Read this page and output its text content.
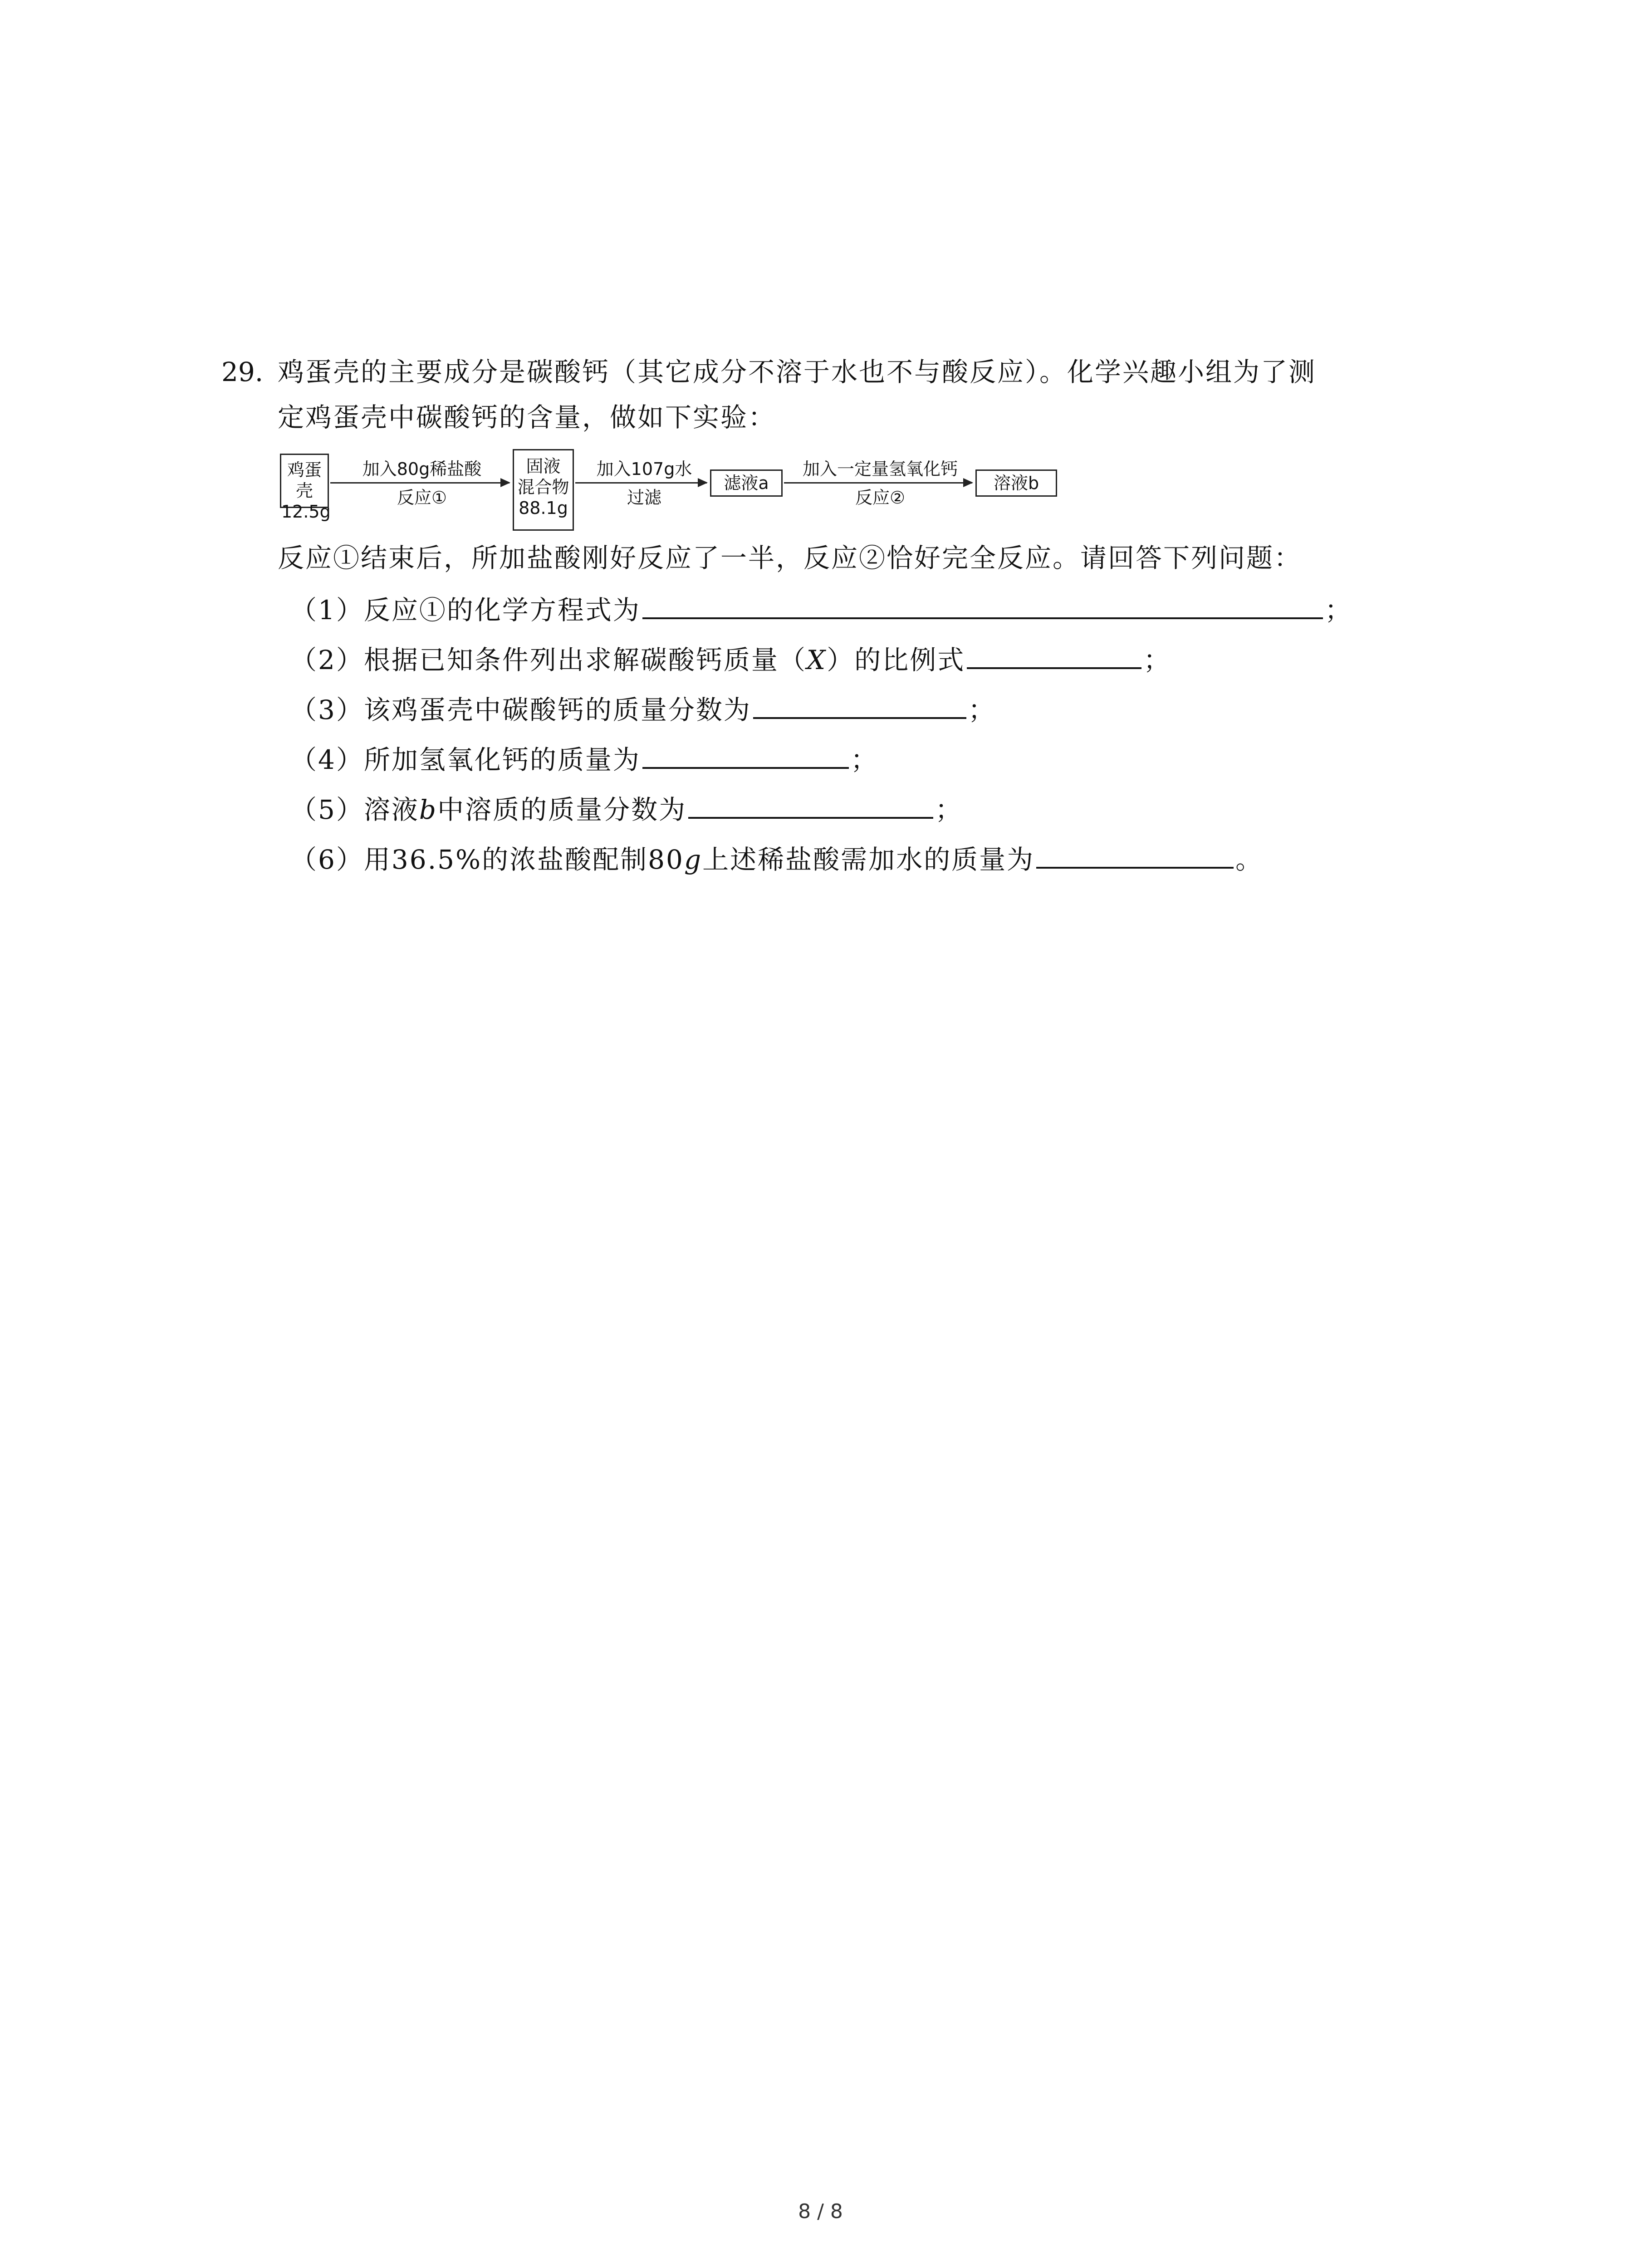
29. 鸡蛋壳的主要成分是碳酸钙（其它成分不溶于水也不与酸反应）。化学兴趣小组为了测
定鸡蛋壳中碳酸钙的含量，做如下实验：
鸡蛋壳
12.5g
加入80g稀盐酸
反应①
固液
混合物
88.1g
加入107g水
过滤
滤液a
加入一定量氢氧化钙
反应②
溶液b
反应①结束后，所加盐酸刚好反应了一半，反应②恰好完全反应。请回答下列问题：
（1）反应①的化学方程式为	；
（2）根据已知条件列出求解碳酸钙质量（X）的比例式	；
（3）该鸡蛋壳中碳酸钙的质量分数为	；
（4）所加氢氧化钙的质量为	；
（5）溶液b中溶质的质量分数为	；
（6）用36.5%的浓盐酸配制80g上述稀盐酸需加水的质量为	。
8 / 8
